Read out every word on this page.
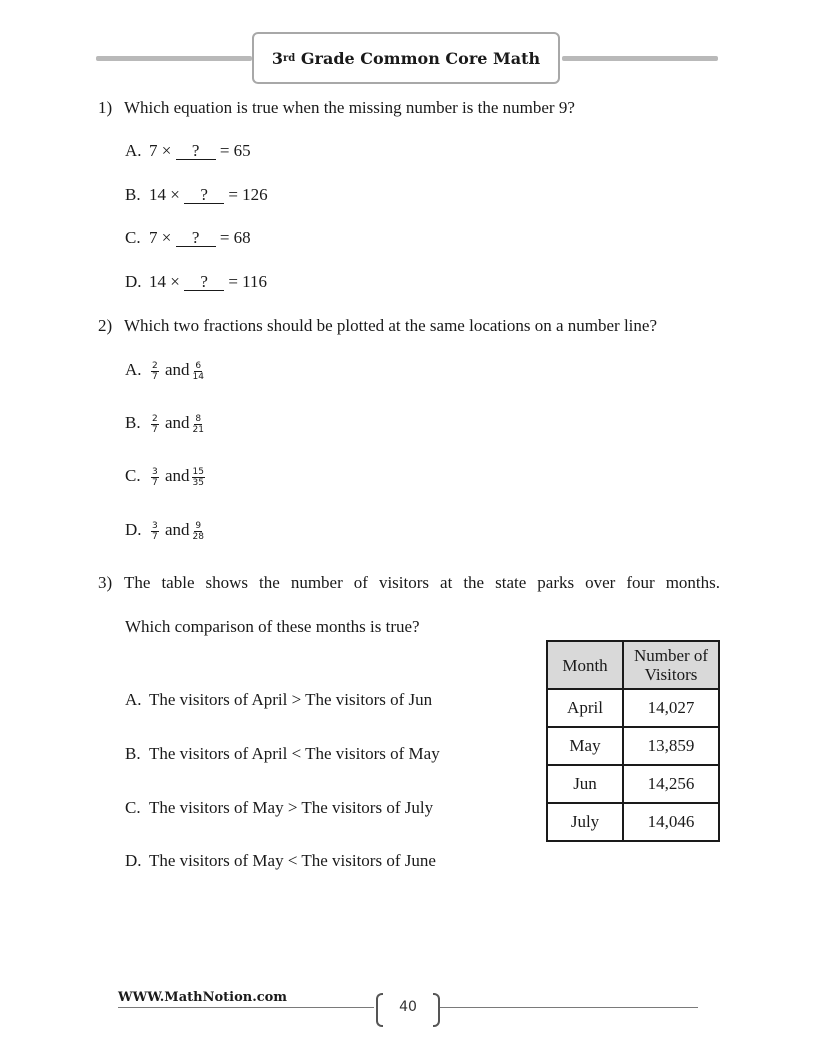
3 rd Grade Common Core Math
1) Which equation is true when the missing number is the number 9?
A. 7 × ? = 65
B. 14 × ? = 126
C. 7 × ? = 68
D. 14 × ? = 116
2) Which two fractions should be plotted at the same locations on a number line?
A. $\frac{2}{7}$ and $\frac{6}{14}$
B. $\frac{2}{7}$ and $\frac{8}{21}$
C. $\frac{3}{7}$ and $\frac{15}{35}$
D. $\frac{3}{7}$ and $\frac{9}{28}$
3) The table shows the number of visitors at the state parks over four months.
Which comparison of these months is true?
A. The visitors of April > The visitors of Jun
B. The visitors of April < The visitors of May
C. The visitors of May > The visitors of July
D. The visitors of May < The visitors of June
Month	Number of Visitors
April	14,027
May	13,859
Jun	14,256
July	14,046
WWW.MathNotion.com
40
